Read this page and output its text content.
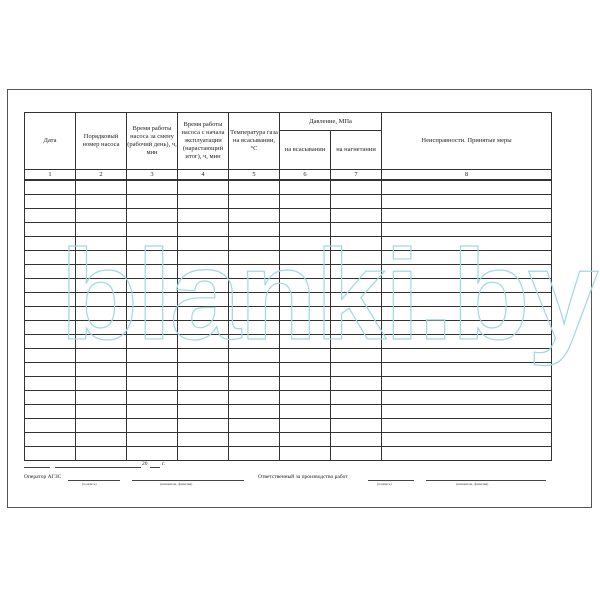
Дата	Порядковый номер насоса	Время работы насоса за смену (рабочий день), ч, мин	Время работы насоса с начала эксплуатации (нарастающий итог), ч, мин	Температура газа на всасывании, °С	Давление, МПа		Неисправности. Принятые меры
					на всасывании	на нагнетании	
1	2	3	4	5	6	7	8

20	г.
Оператор АГЗС
(подпись)	(инициалы, фамилия)
Ответственный за производство работ
(подпись)	(инициалы, фамилия)
